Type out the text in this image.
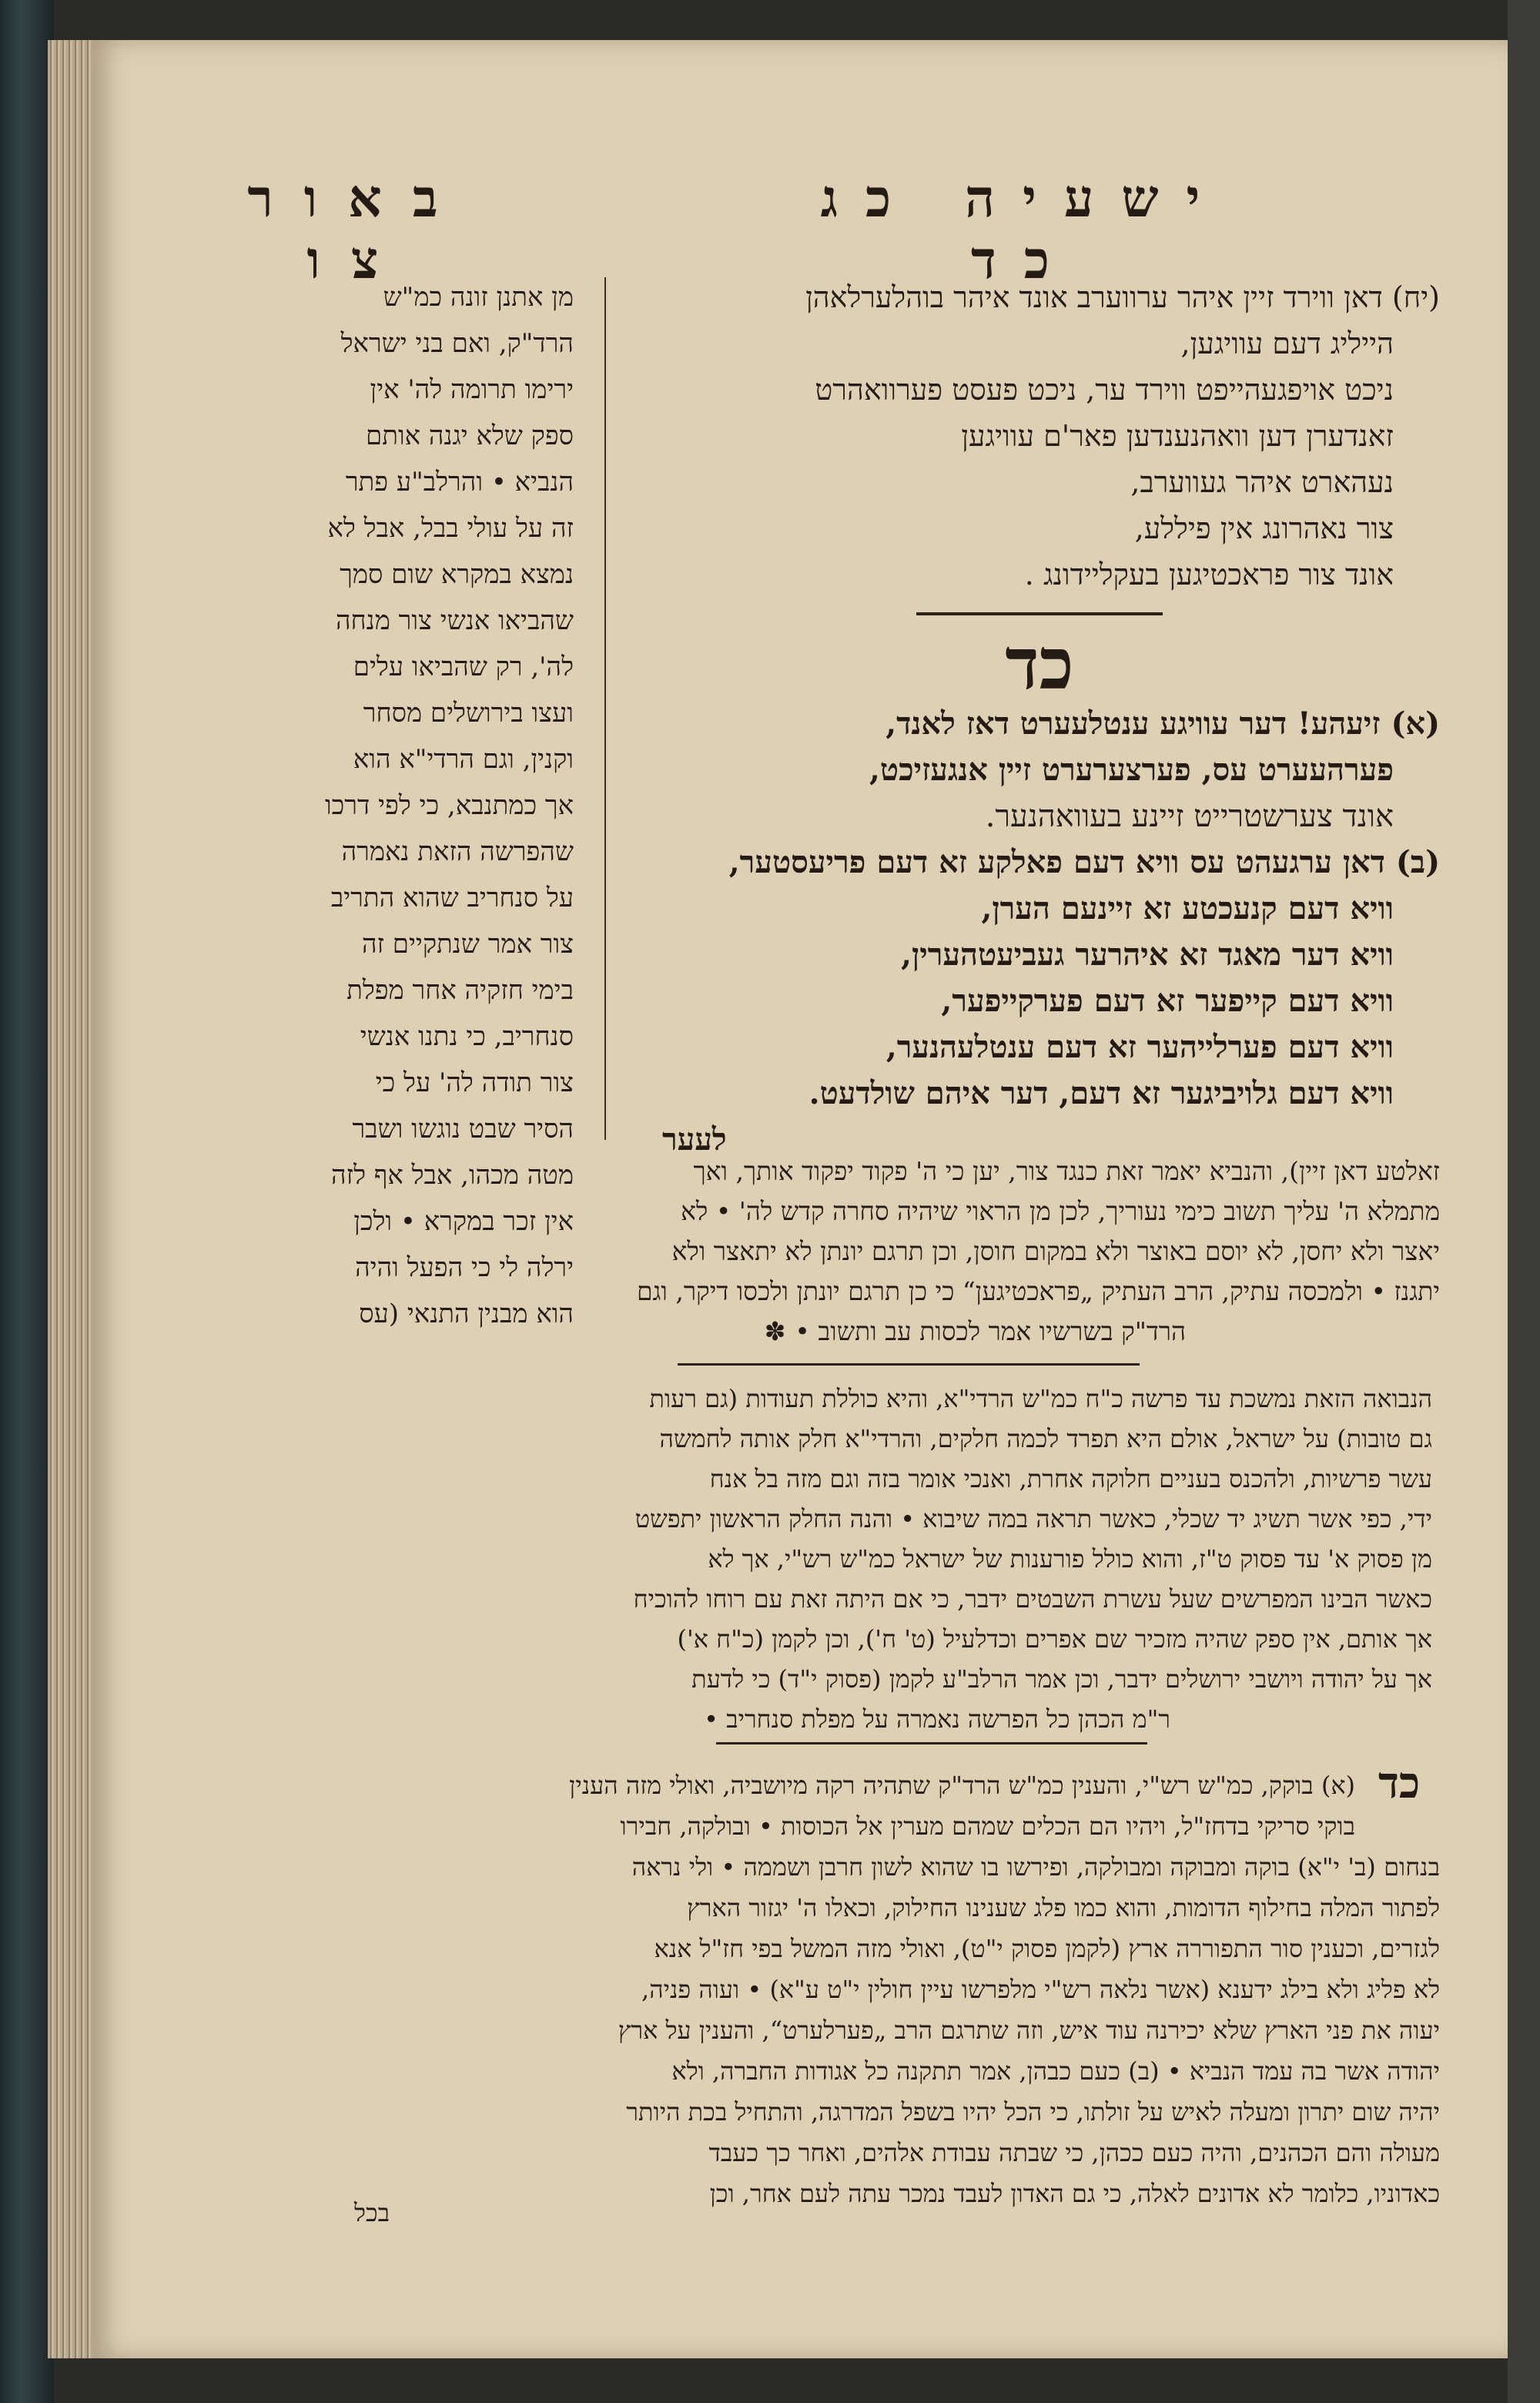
באור צו
ישעיה כג כד
מן אתנן זונה כמ"ש
הרד"ק, ואם בני ישראל
ירימו תרומה לה' אין
ספק שלא יגנה אותם
הנביא • והרלב"ע פתר
זה על עולי בבל, אבל לא
נמצא במקרא שום סמך
שהביאו אנשי צור מנחה
לה', רק שהביאו עלים
ועצו בירושלים מסחר
וקנין, וגם הרדי"א הוא
אך כמתנבא, כי לפי דרכו
שהפרשה הזאת נאמרה
על סנחריב שהוא התריב
צור אמר שנתקיים זה
בימי חזקיה אחר מפלת
סנחריב, כי נתנו אנשי
צור תודה לה' על כי
הסיר שבט נוגשו ושבר
מטה מכהו, אבל אף לזה
אין זכר במקרא • ולכן
ירלה לי כי הפעל והיה
הוא מבנין התנאי (עס
(יח) דאן ווירד זיין איהר ערווערב אונד איהר בוהלערלאהן
הייליג דעם עוויגען,
ניכט אויפגעהייפט ווירד ער, ניכט פעסט פערוואהרט
זאנדערן דען וואהנענדען פאר'ם עוויגען
נעהארט איהר געווערב,
צור נאהרונג אין פיללע,
אונד צור פראכטיגען בעקליידונג .
כד
(א) זיעהע! דער עוויגע ענטלעערט דאז לאנד,
פערהעערט עס, פערצערערט זיין אנגעזיכט,
אונד צערשטרייט זיינע בעוואהנער.
(ב) דאן ערגעהט עס וויא דעם פאלקע זא דעם פריעסטער,
וויא דעם קנעכטע זא זיינעם הערן,
וויא דער מאגד זא איהרער געביעטהערין,
וויא דעם קייפער זא דעם פערקייפער,
וויא דעם פערלייהער זא דעם ענטלעהנער,
וויא דעם גלויביגער זא דעם, דער איהם שולדעט.
לעער
זאלטע דאן זיין), והנביא יאמר זאת כנגד צור, יען כי ה' פקוד יפקוד אותך, ואך
מתמלא ה' עליך תשוב כימי נעוריך, לכן מן הראוי שיהיה סחרה קדש לה' • לא
יאצר ולא יחסן, לא יוסם באוצר ולא במקום חוסן, וכן תרגם יונתן לא יתאצר ולא
יתגנז • ולמכסה עתיק, הרב העתיק „פראכטיגען“ כי כן תרגם יונתן ולכסו דיקר, וגם
הרד"ק בשרשיו אמר לכסות עב ותשוב •✽
הנבואה הזאת נמשכת עד פרשה כ"ח כמ"ש הרדי"א, והיא כוללת תעודות (גם רעות
גם טובות) על ישראל, אולם היא תפרד לכמה חלקים, והרדי"א חלק אותה לחמשה
עשר פרשיות, ולהכנס בעניים חלוקה אחרת, ואנכי אומר בזה וגם מזה בל אנח
ידי, כפי אשר תשיג יד שכלי, כאשר תראה במה שיבוא • והנה החלק הראשון יתפשט
מן פסוק א' עד פסוק ט"ז, והוא כולל פורענות של ישראל כמ"ש רש"י, אך לא
כאשר הבינו המפרשים שעל עשרת השבטים ידבר, כי אם היתה זאת עם רוחו להוכיח
אך אותם, אין ספק שהיה מזכיר שם אפרים וכדלעיל (ט' ח'), וכן לקמן (כ"ח א')
אך על יהודה ויושבי ירושלים ידבר, וכן אמר הרלב"ע לקמן (פסוק י"ד) כי לדעת
ר"מ הכהן כל הפרשה נאמרה על מפלת סנחריב •
כד
(א) בוקק, כמ"ש רש"י, והענין כמ"ש הרד"ק שתהיה רקה מיושביה, ואולי מזה הענין
בוקי סריקי בדחז"ל, ויהיו הם הכלים שמהם מערין אל הכוסות • ובולקה, חבירו
בנחום (ב' י"א) בוקה ומבוקה ומבולקה, ופירשו בו שהוא לשון חרבן ושממה • ולי נראה
לפתור המלה בחילוף הדומות, והוא כמו פלג שענינו החילוק, וכאלו ה' יגזור הארץ
לגזרים, וכענין סור התפוררה ארץ (לקמן פסוק י"ט), ואולי מזה המשל בפי חז"ל אנא
לא פליג ולא בילג ידענא (אשר נלאה רש"י מלפרשו עיין חולין י"ט ע"א) • ועוה פניה,
יעוה את פני הארץ שלא יכירנה עוד איש, וזה שתרגם הרב „פערלערט“, והענין על ארץ
יהודה אשר בה עמד הנביא • (ב) כעם כבהן, אמר תתקנה כל אגודות החברה, ולא
יהיה שום יתרון ומעלה לאיש על זולתו, כי הכל יהיו בשפל המדרגה, והתחיל בכת היותר
מעולה והם הכהנים, והיה כעם ככהן, כי שבתה עבודת אלהים, ואחר כך כעבד
כאדוניו, כלומר לא אדונים לאלה, כי גם האדון לעבד נמכר עתה לעם אחר, וכן
בכל
